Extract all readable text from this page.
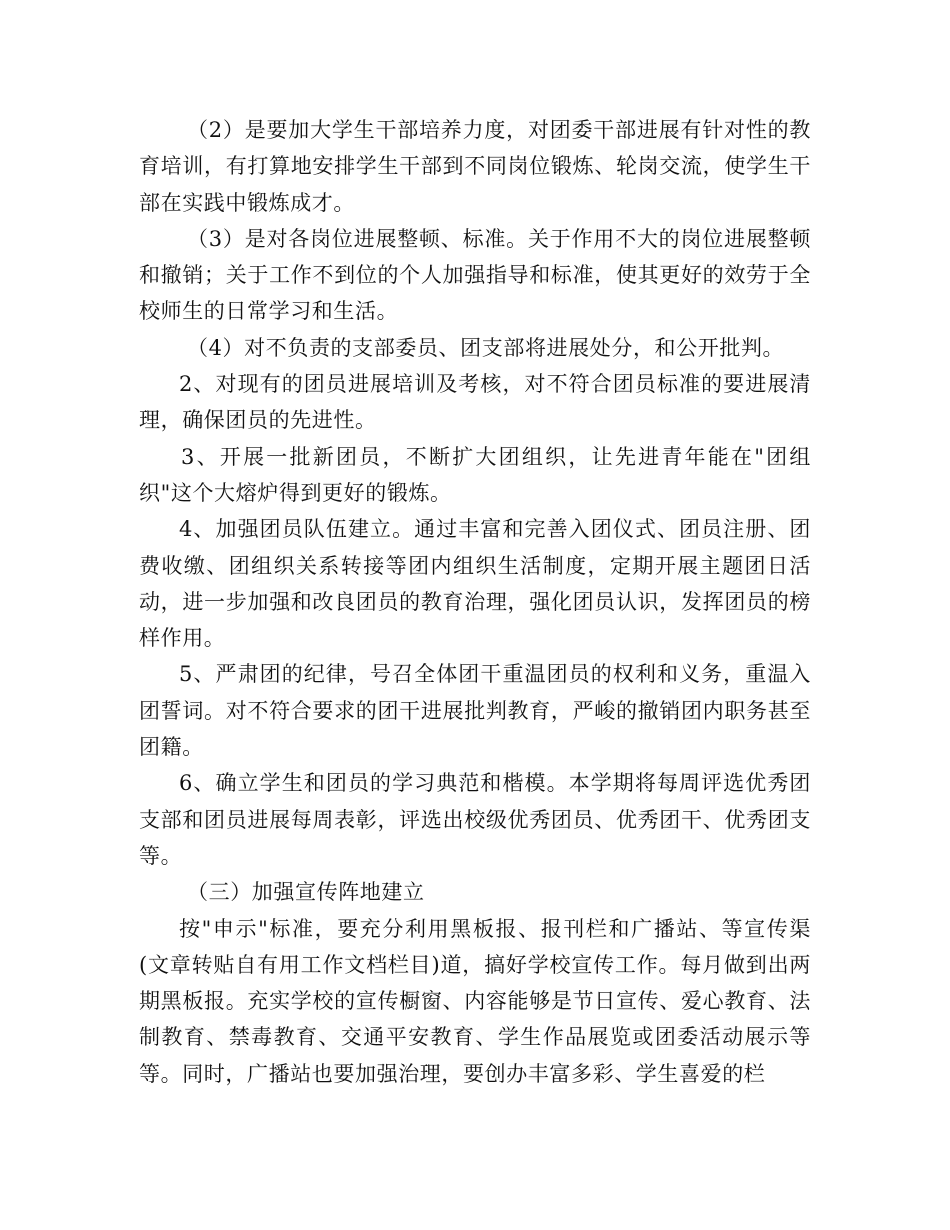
（2）是要加大学生干部培养力度，对团委干部进展有针对性的教育培训，有打算地安排学生干部到不同岗位锻炼、轮岗交流，使学生干部在实践中锻炼成才。

（3）是对各岗位进展整顿、标准。关于作用不大的岗位进展整顿和撤销；关于工作不到位的个人加强指导和标准，使其更好的效劳于全校师生的日常学习和生活。

（4）对不负责的支部委员、团支部将进展处分，和公开批判。

2、对现有的团员进展培训及考核，对不符合团员标准的要进展清理，确保团员的先进性。

3、开展一批新团员，不断扩大团组织，让先进青年能在"团组织"这个大熔炉得到更好的锻炼。

4、加强团员队伍建立。通过丰富和完善入团仪式、团员注册、团费收缴、团组织关系转接等团内组织生活制度，定期开展主题团日活动，进一步加强和改良团员的教育治理，强化团员认识，发挥团员的榜样作用。

5、严肃团的纪律，号召全体团干重温团员的权利和义务，重温入团誓词。对不符合要求的团干进展批判教育，严峻的撤销团内职务甚至团籍。

6、确立学生和团员的学习典范和楷模。本学期将每周评选优秀团支部和团员进展每周表彰，评选出校级优秀团员、优秀团干、优秀团支等。

（三）加强宣传阵地建立

按"申示"标准，要充分利用黑板报、报刊栏和广播站、等宣传渠(文章转贴自有用工作文档栏目)道，搞好学校宣传工作。每月做到出两期黑板报。充实学校的宣传橱窗、内容能够是节日宣传、爱心教育、法制教育、禁毒教育、交通平安教育、学生作品展览或团委活动展示等等。同时，广播站也要加强治理，要创办丰富多彩、学生喜爱的栏
